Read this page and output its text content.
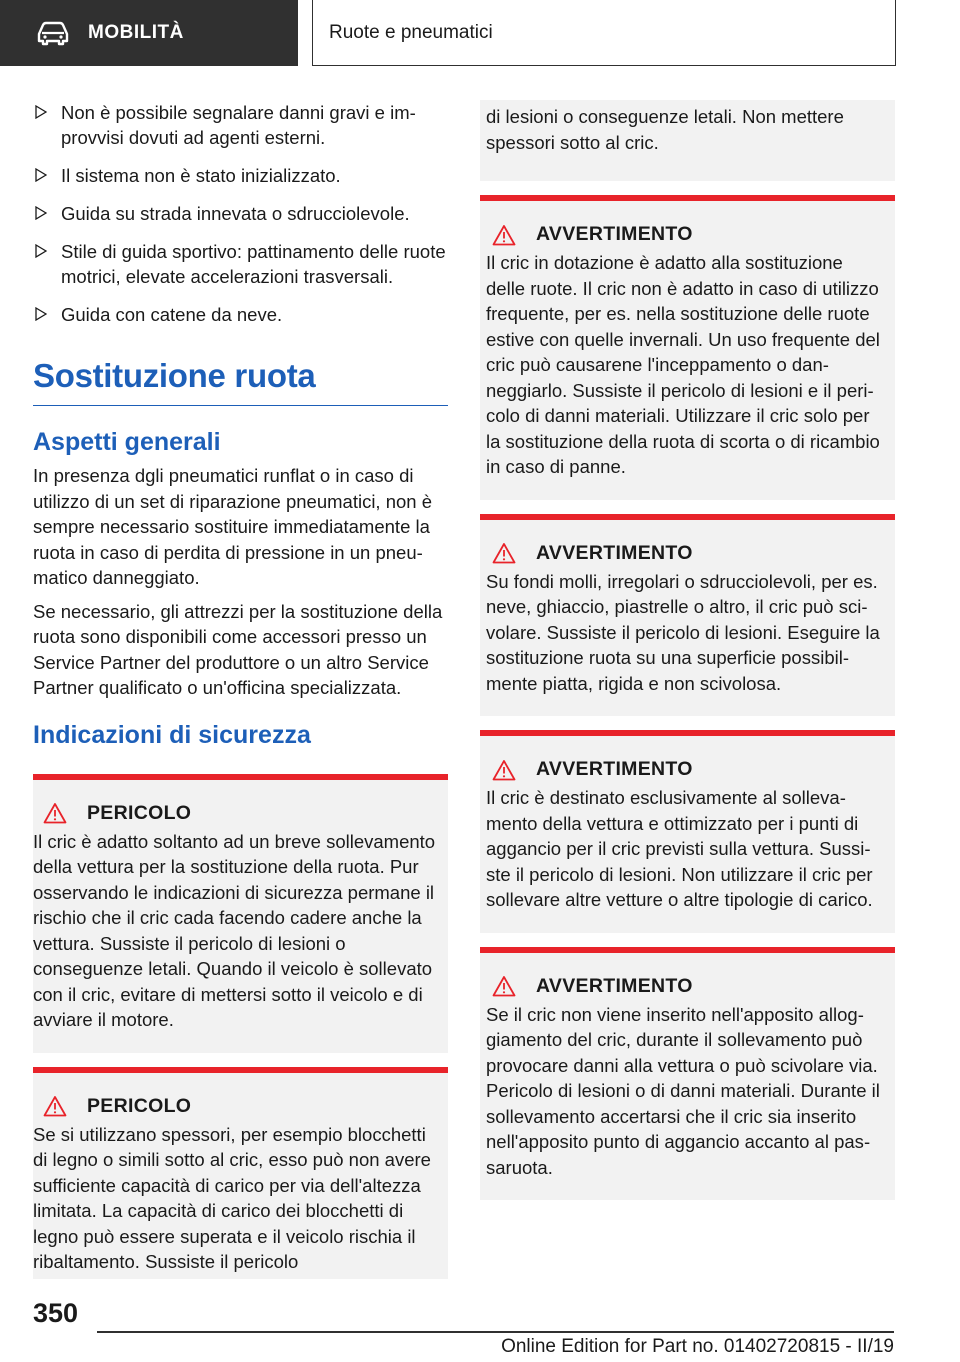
MOBILITÀ	Ruote e pneumatici
Non è possibile segnalare danni gravi e improvvisi dovuti ad agenti esterni.
Il sistema non è stato inizializzato.
Guida su strada innevata o sdrucciolevole.
Stile di guida sportivo: pattinamento delle ruote motrici, elevate accelerazioni trasversali.
Guida con catene da neve.
Sostituzione ruota
Aspetti generali

In presenza dgli pneumatici runflat o in caso di utilizzo di un set di riparazione pneumatici, non è sempre necessario sostituire immediatamente la ruota in caso di perdita di pressione in un pneumatico danneggiato.

Se necessario, gli attrezzi per la sostituzione della ruota sono disponibili come accessori presso un Service Partner del produttore o un altro Service Partner qualificato o un'officina specializzata.

Indicazioni di sicurezza
PERICOLO

Il cric è adatto soltanto ad un breve sollevamento della vettura per la sostituzione della ruota. Pur osservando le indicazioni di sicurezza permane il rischio che il cric cada facendo cadere anche la vettura. Sussiste il pericolo di lesioni o conseguenze letali. Quando il veicolo è sollevato con il cric, evitare di mettersi sotto il veicolo e di avviare il motore.

PERICOLO

Se si utilizzano spessori, per esempio blocchetti di legno o simili sotto al cric, esso può non avere sufficiente capacità di carico per via dell'altezza limitata. La capacità di carico dei blocchetti di legno può essere superata e il veicolo rischia il ribaltamento. Sussiste il pericolo

di lesioni o conseguenze letali. Non mettere spessori sotto al cric.

AVVERTIMENTO

Il cric in dotazione è adatto alla sostituzione delle ruote. Il cric non è adatto in caso di utilizzo frequente, per es. nella sostituzione delle ruote estive con quelle invernali. Un uso frequente del cric può causarene l'inceppamento o danneggiarlo. Sussiste il pericolo di lesioni e il pericolo di danni materiali. Utilizzare il cric solo per la sostituzione della ruota di scorta o di ricambio in caso di panne.

AVVERTIMENTO

Su fondi molli, irregolari o sdrucciolevoli, per es. neve, ghiaccio, piastrelle o altro, il cric può scivolare. Sussiste il pericolo di lesioni. Eseguire la sostituzione ruota su una superficie possibilmente piatta, rigida e non scivolosa.

AVVERTIMENTO

Il cric è destinato esclusivamente al sollevamento della vettura e ottimizzato per i punti di aggancio per il cric previsti sulla vettura. Sussiste il pericolo di lesioni. Non utilizzare il cric per sollevare altre vetture o altre tipologie di carico.

AVVERTIMENTO

Se il cric non viene inserito nell'apposito alloggiamento del cric, durante il sollevamento può provocare danni alla vettura o può scivolare via. Pericolo di lesioni o di danni materiali. Durante il sollevamento accertarsi che il cric sia inserito nell'apposito punto di aggancio accanto al passaruota.

350
Online Edition for Part no. 01402720815 - II/19
